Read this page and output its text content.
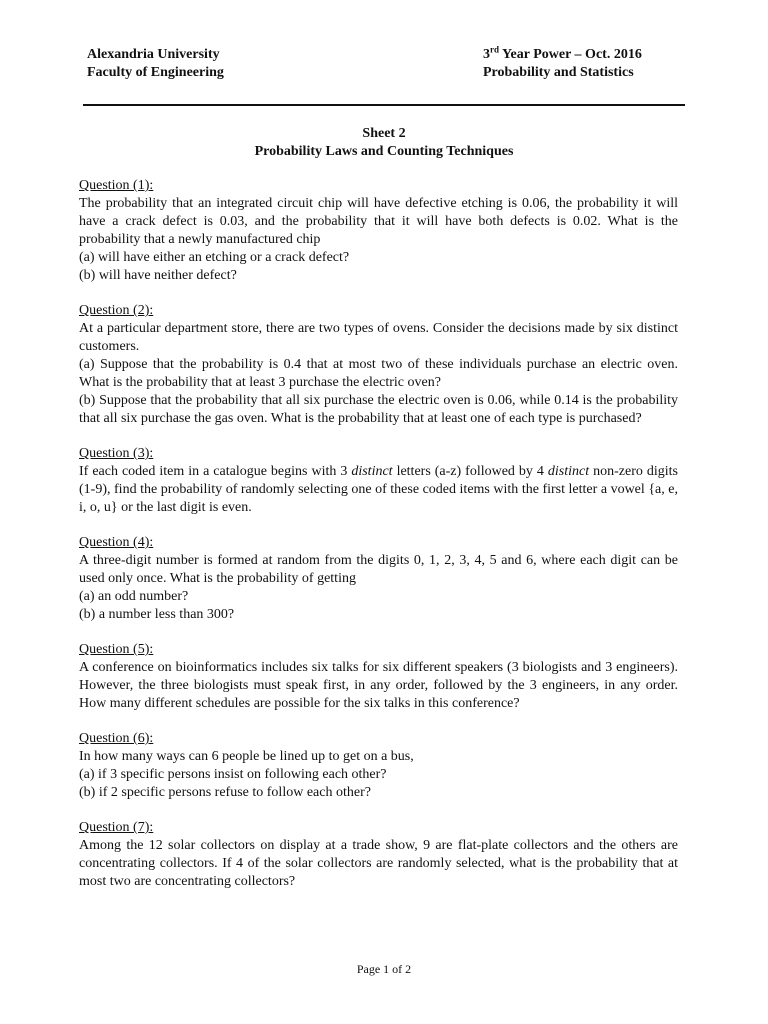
Alexandria University
Faculty of Engineering
3rd Year Power – Oct. 2016
Probability and Statistics
Sheet 2
Probability Laws and Counting Techniques
Question (1):
The probability that an integrated circuit chip will have defective etching is 0.06, the probability it will have a crack defect is 0.03, and the probability that it will have both defects is 0.02. What is the probability that a newly manufactured chip
(a) will have either an etching or a crack defect?
(b) will have neither defect?
Question (2):
At a particular department store, there are two types of ovens. Consider the decisions made by six distinct customers.
(a) Suppose that the probability is 0.4 that at most two of these individuals purchase an electric oven. What is the probability that at least 3 purchase the electric oven?
(b) Suppose that the probability that all six purchase the electric oven is 0.06, while 0.14 is the probability that all six purchase the gas oven. What is the probability that at least one of each type is purchased?
Question (3):
If each coded item in a catalogue begins with 3 distinct letters (a-z) followed by 4 distinct non-zero digits (1-9), find the probability of randomly selecting one of these coded items with the first letter a vowel {a, e, i, o, u} or the last digit is even.
Question (4):
A three-digit number is formed at random from the digits 0, 1, 2, 3, 4, 5 and 6, where each digit can be used only once. What is the probability of getting
(a) an odd number?
(b) a number less than 300?
Question (5):
A conference on bioinformatics includes six talks for six different speakers (3 biologists and 3 engineers). However, the three biologists must speak first, in any order, followed by the 3 engineers, in any order. How many different schedules are possible for the six talks in this conference?
Question (6):
In how many ways can 6 people be lined up to get on a bus,
(a) if 3 specific persons insist on following each other?
(b) if 2 specific persons refuse to follow each other?
Question (7):
Among the 12 solar collectors on display at a trade show, 9 are flat-plate collectors and the others are concentrating collectors. If 4 of the solar collectors are randomly selected, what is the probability that at most two are concentrating collectors?
Page 1 of 2
